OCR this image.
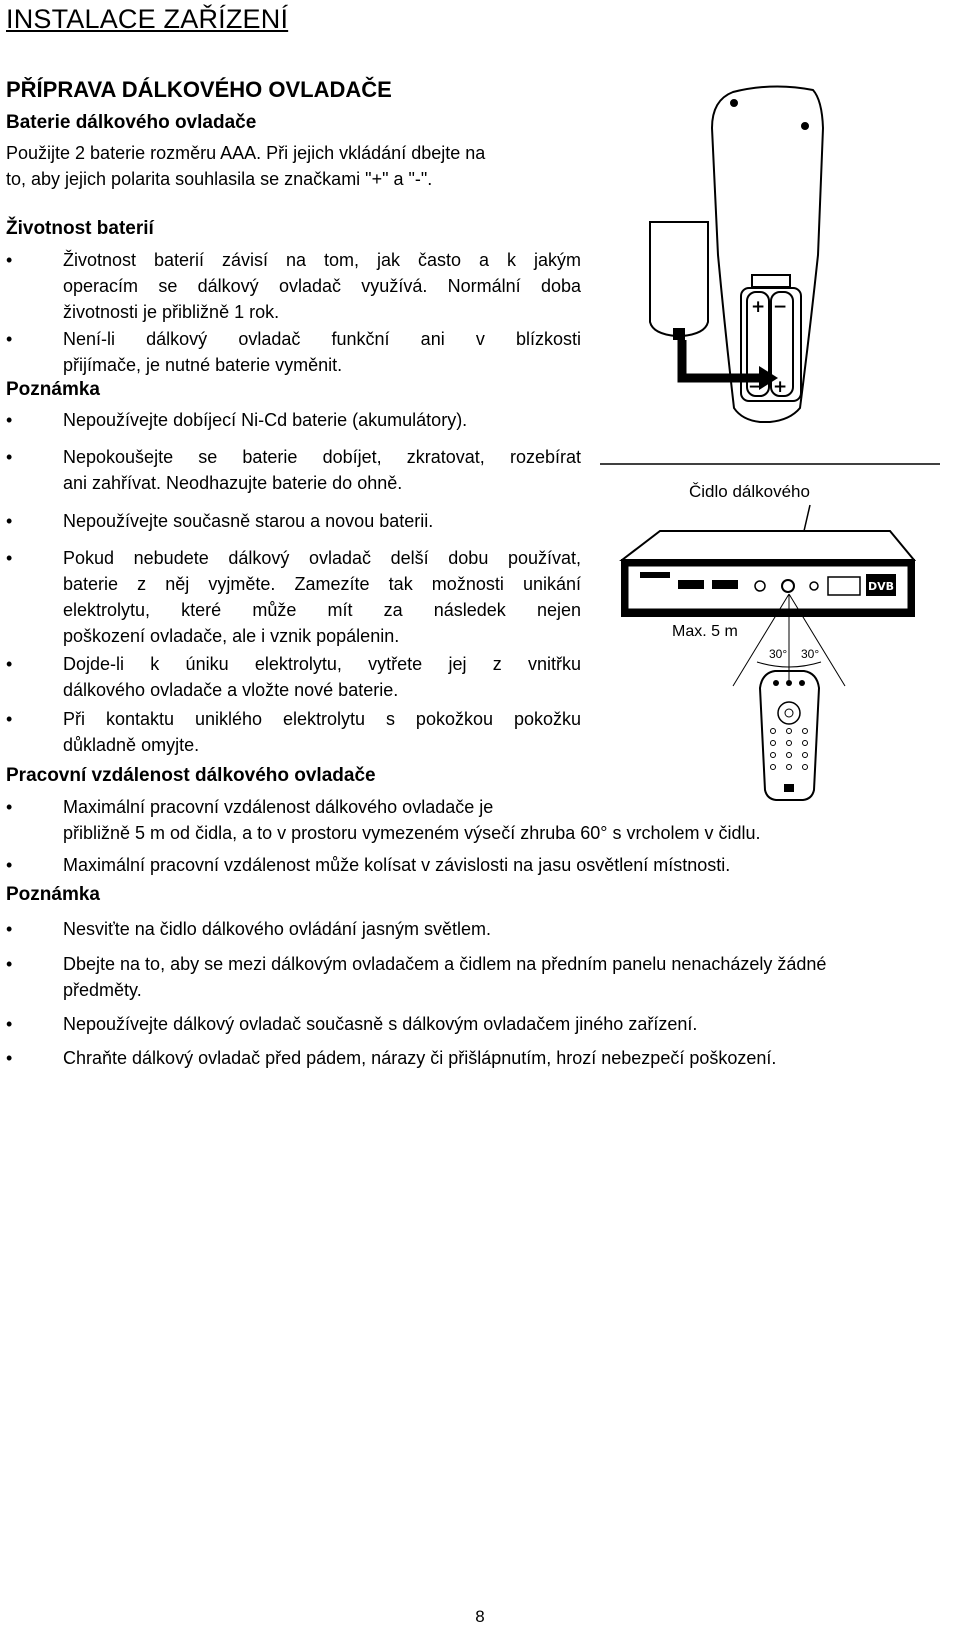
INSTALACE ZAŘÍZENÍ
PŘÍPRAVA DÁLKOVÉHO OVLADAČE
Baterie dálkového ovladače
Použijte 2 baterie rozměru AAA. Při jejich vkládání dbejte na
to, aby jejich polarita souhlasila se značkami "+" a "-".
Životnost baterií
•	Životnost baterií závisí na tom, jak často a k jakým
operacím se dálkový ovladač využívá. Normální doba
životnosti je přibližně 1 rok.
•	Není-li dálkový ovladač funkční ani v blízkosti
přijímače, je nutné baterie vyměnit.
Poznámka
•	Nepoužívejte dobíjecí Ni-Cd baterie (akumulátory).
•	Nepokoušejte se baterie dobíjet, zkratovat, rozebírat
ani zahřívat. Neodhazujte baterie do ohně.
•	Nepoužívejte současně starou a novou baterii.
•	Pokud nebudete dálkový ovladač delší dobu používat,
baterie z něj vyjměte. Zamezíte tak možnosti unikání
elektrolytu, které může mít za následek nejen
poškození ovladače, ale i vznik popálenin.
•	Dojde-li k úniku elektrolytu, vytřete jej z vnitřku
dálkového ovladače a vložte nové baterie.
•	Při kontaktu uniklého elektrolytu s pokožkou pokožku
důkladně omyjte.
Pracovní vzdálenost dálkového ovladače
•	Maximální pracovní vzdálenost dálkového ovladače je
přibližně 5 m od čidla, a to v prostoru vymezeném výsečí zhruba 60° s vrcholem v čidlu.
•	Maximální pracovní vzdálenost může kolísat v závislosti na jasu osvětlení místnosti.
Poznámka
•	Nesviťte na čidlo dálkového ovládání jasným světlem.
•	Dbejte na to, aby se mezi dálkovým ovladačem a čidlem na předním panelu nenacházely žádné
předměty.
•	Nepoužívejte dálkový ovladač současně s dálkovým ovladačem jiného zařízení.
•	Chraňte dálkový ovladač před pádem, nárazy či přišlápnutím, hrozí nebezpečí poškození.
+ −
− +
Čidlo dálkového
DVB
Max. 5 m
30° 30°
8
